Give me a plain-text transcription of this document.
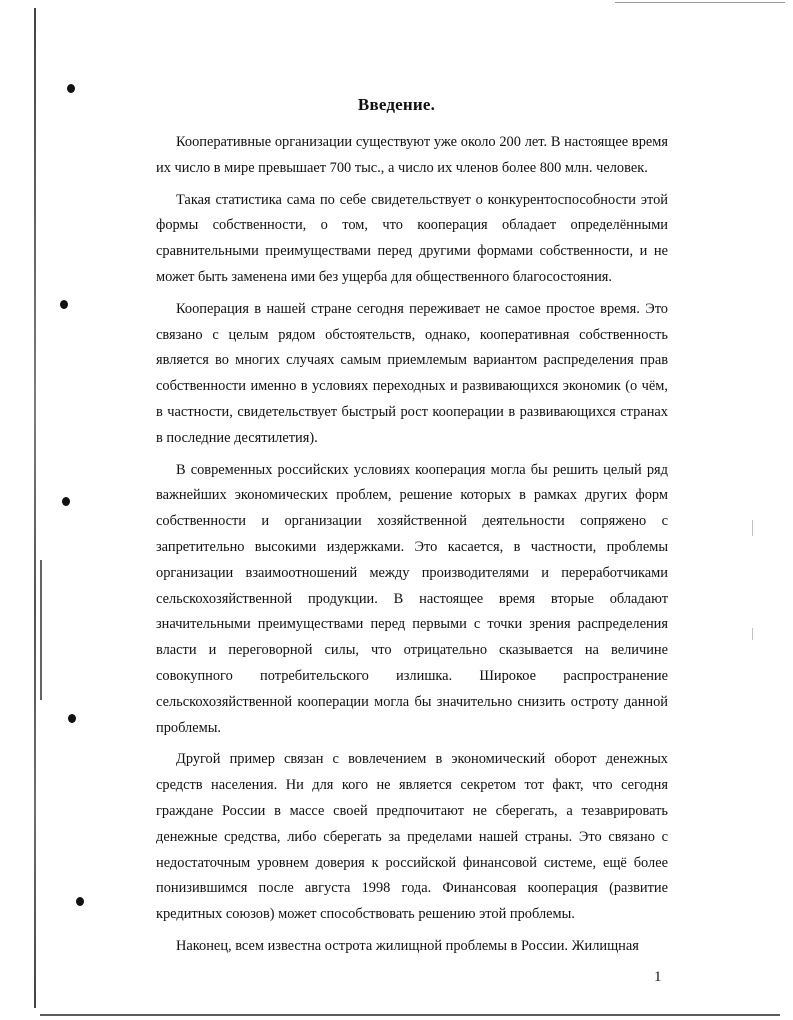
Введение.

Кооперативные организации существуют уже около 200 лет. В настоящее время их число в мире превышает 700 тыс., а число их членов более 800 млн. человек.

Такая статистика сама по себе свидетельствует о конкурентоспособности этой формы собственности, о том, что кооперация обладает определёнными сравнительными преимуществами перед другими формами собственности, и не может быть заменена ими без ущерба для общественного благосостояния.

Кооперация в нашей стране сегодня переживает не самое простое время. Это связано с целым рядом обстоятельств, однако, кооперативная собственность является во многих случаях самым приемлемым вариантом распределения прав собственности именно в условиях переходных и развивающихся экономик (о чём, в частности, свидетельствует быстрый рост кооперации в развивающихся странах в последние десятилетия).

В современных российских условиях кооперация могла бы решить целый ряд важнейших экономических проблем, решение которых в рамках других форм собственности и организации хозяйственной деятельности сопряжено с запретительно высокими издержками. Это касается, в частности, проблемы организации взаимоотношений между производителями и переработчиками сельскохозяйственной продукции. В настоящее время вторые обладают значительными преимуществами перед первыми с точки зрения распределения власти и переговорной силы, что отрицательно сказывается на величине совокупного потребительского излишка. Широкое распространение сельскохозяйственной кооперации могла бы значительно снизить остроту данной проблемы.

Другой пример связан с вовлечением в экономический оборот денежных средств населения. Ни для кого не является секретом тот факт, что сегодня граждане России в массе своей предпочитают не сберегать, а тезаврировать денежные средства, либо сберегать за пределами нашей страны. Это связано с недостаточным уровнем доверия к российской финансовой системе, ещё более понизившимся после августа 1998 года. Финансовая кооперация (развитие кредитных союзов) может способствовать решению этой проблемы.

Наконец, всем известна острота жилищной проблемы в России. Жилищная

1
